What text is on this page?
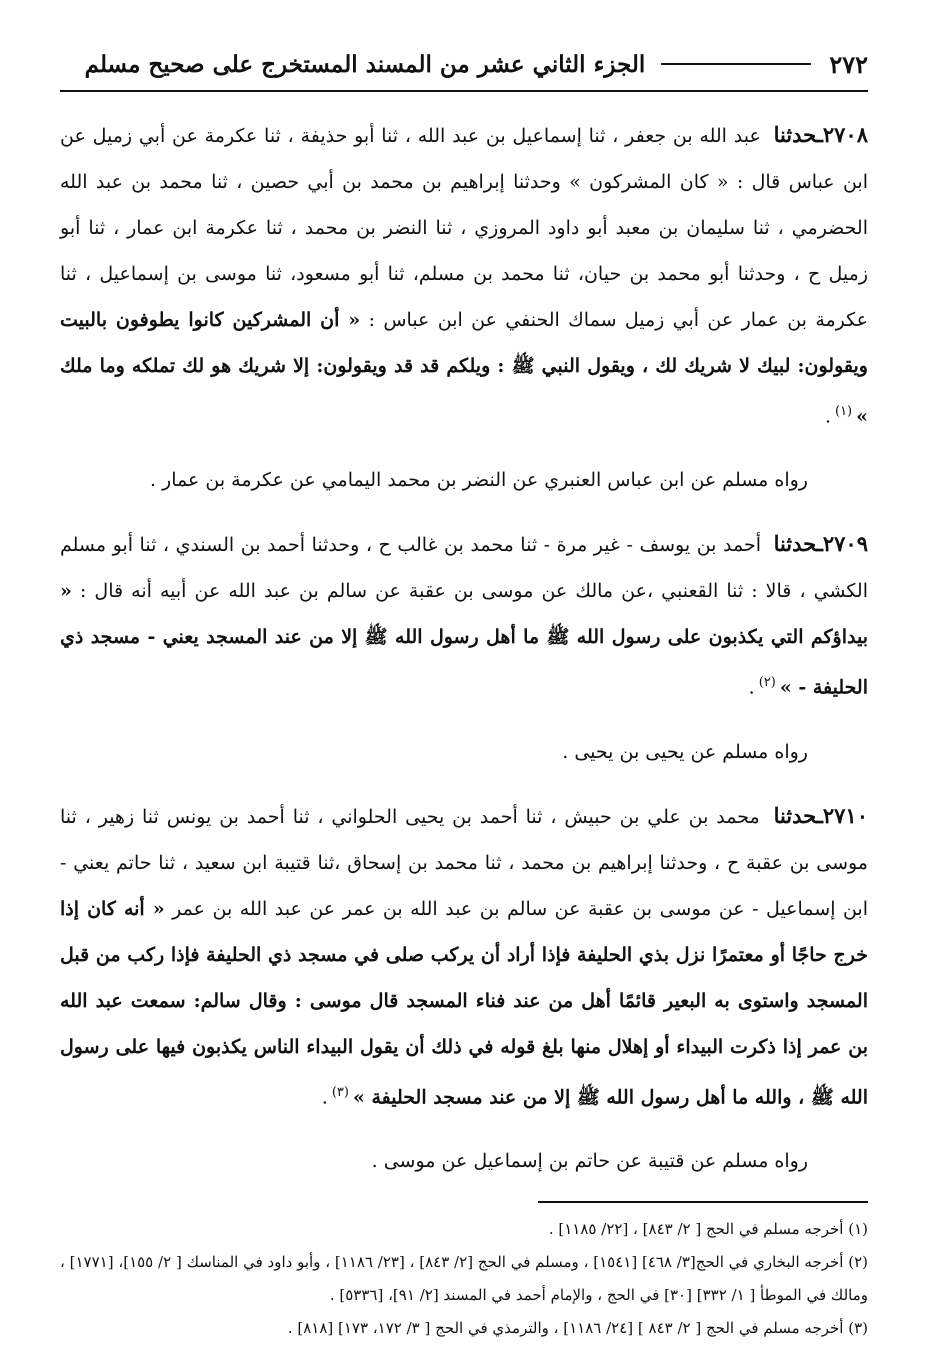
٢٧٢
الجزء الثاني عشر من المسند المستخرج على صحيح مسلم

٢٧٠٨ـحدثنا عبد الله بن جعفر ، ثنا إسماعيل بن عبد الله ، ثنا أبو حذيفة ، ثنا عكرمة عن أبي زميل عن ابن عباس قال : « كان المشركون » وحدثنا إبراهيم بن محمد بن أبي حصين ، ثنا محمد بن عبد الله الحضرمي ، ثنا سليمان بن معبد أبو داود المروزي ، ثنا النضر بن محمد ، ثنا عكرمة ابن عمار ، ثنا أبو زميل ح ، وحدثنا أبو محمد بن حيان، ثنا محمد بن مسلم، ثنا أبو مسعود، ثنا موسى بن إسماعيل ، ثنا عكرمة بن عمار عن أبي زميل سماك الحنفي عن ابن عباس : « أن المشركين كانوا يطوفون بالبيت ويقولون: لبيك لا شريك لك ، ويقول النبي ﷺ : ويلكم قد قد ويقولون: إلا شريك هو لك تملكه وما ملك »$^{(١)}$.

رواه مسلم عن ابن عباس العنبري عن النضر بن محمد اليمامي عن عكرمة بن عمار .

٢٧٠٩ـحدثنا أحمد بن يوسف - غير مرة - ثنا محمد بن غالب ح ، وحدثنا أحمد بن السندي ، ثنا أبو مسلم الكشي ، قالا : ثنا القعنبي ،عن مالك عن موسى بن عقبة عن سالم بن عبد الله عن أبيه أنه قال : « بيداؤكم التي يكذبون على رسول الله ﷺ ما أهل رسول الله ﷺ إلا من عند المسجد يعني - مسجد ذي الحليفة - »$^{(٢)}$.

رواه مسلم عن يحيى بن يحيى .

٢٧١٠ـحدثنا محمد بن علي بن حبيش ، ثنا أحمد بن يحيى الحلواني ، ثنا أحمد بن يونس ثنا زهير ، ثنا موسى بن عقبة ح ، وحدثنا إبراهيم بن محمد ، ثنا محمد بن إسحاق ،ثنا قتيبة ابن سعيد ، ثنا حاتم يعني - ابن إسماعيل - عن موسى بن عقبة عن سالم بن عبد الله بن عمر عن عبد الله بن عمر « أنه كان إذا خرج حاجًا أو معتمرًا نزل بذي الحليفة فإذا أراد أن يركب صلى في مسجد ذي الحليفة فإذا ركب من قبل المسجد واستوى به البعير قائمًا أهل من عند فناء المسجد قال موسى : وقال سالم: سمعت عبد الله بن عمر إذا ذكرت البيداء أو إهلال منها بلغ قوله في ذلك أن يقول البيداء الناس يكذبون فيها على رسول الله ﷺ ، والله ما أهل رسول الله ﷺ إلا من عند مسجد الحليفة »$^{(٣)}$.

رواه مسلم عن قتيبة عن حاتم بن إسماعيل عن موسى .

(١) أخرجه مسلم في الحج [ ٢/ ٨٤٣] ، [٢٢/ ١١٨٥] .
(٢) أخرجه البخاري في الحج[٣/ ٤٦٨] [١٥٤١] ، ومسلم في الحج [٢/ ٨٤٣] ، [٢٣/ ١١٨٦] ، وأبو داود في المناسك [ ٢/ ١٥٥]، [١٧٧١] ، ومالك في الموطأ [ ١/ ٣٣٢] [٣٠] في الحج ، والإمام أحمد في المسند [٢/ ٩١]، [٥٣٣٦] .
(٣) أخرجه مسلم في الحج [ ٢/ ٨٤٣ ] [٢٤/ ١١٨٦] ، والترمذي في الحج [ ٣/ ١٧٢، ١٧٣] [٨١٨] .
